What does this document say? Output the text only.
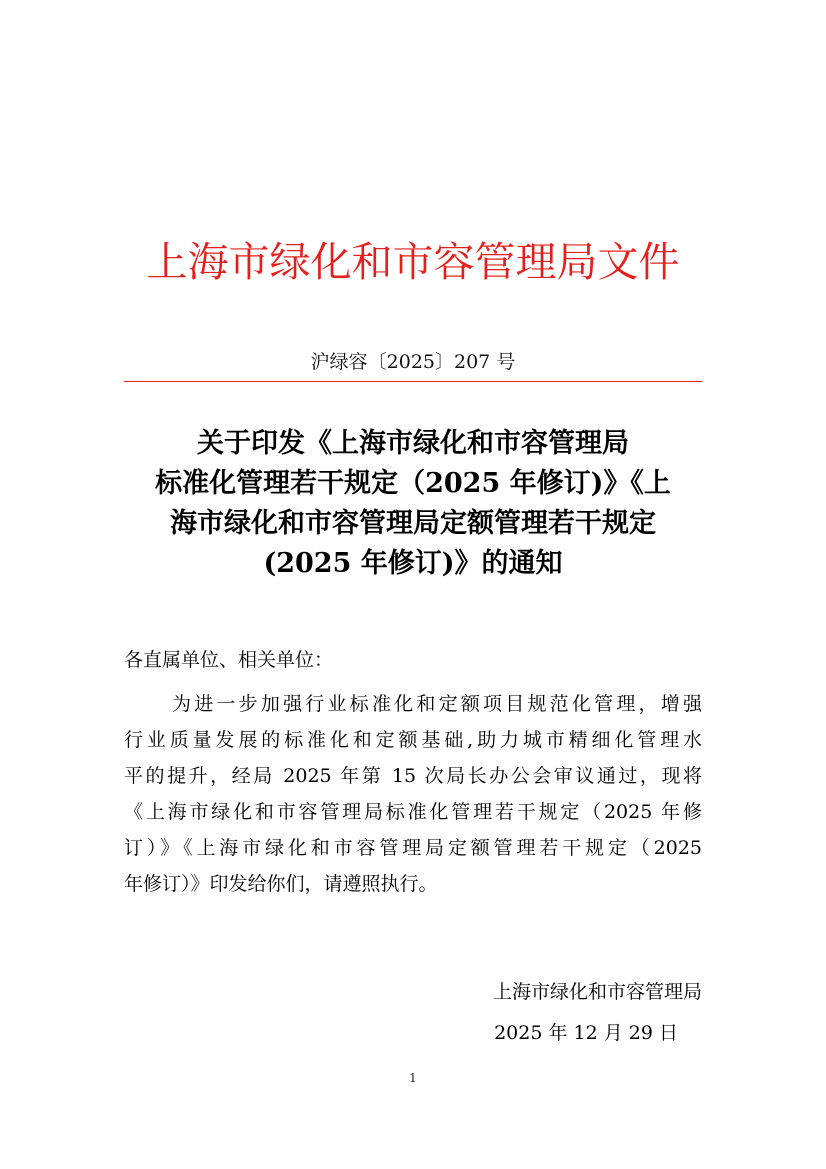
上海市绿化和市容管理局文件
沪绿容〔2025〕207 号
关于印发《上海市绿化和市容管理局
标准化管理若干规定（2025 年修订)》《上
海市绿化和市容管理局定额管理若干规定
(2025 年修订)》的通知
各直属单位、相关单位：
为进一步加强行业标准化和定额项目规范化管理，增强
行业质量发展的标准化和定额基础,助力城市精细化管理水
平的提升，经局 2025 年第 15 次局长办公会审议通过，现将
《上海市绿化和市容管理局标准化管理若干规定（2025 年修
订）》《上海市绿化和市容管理局定额管理若干规定（2025
年修订）》印发给你们，请遵照执行。
上海市绿化和市容管理局
2025 年 12 月 29 日
1
